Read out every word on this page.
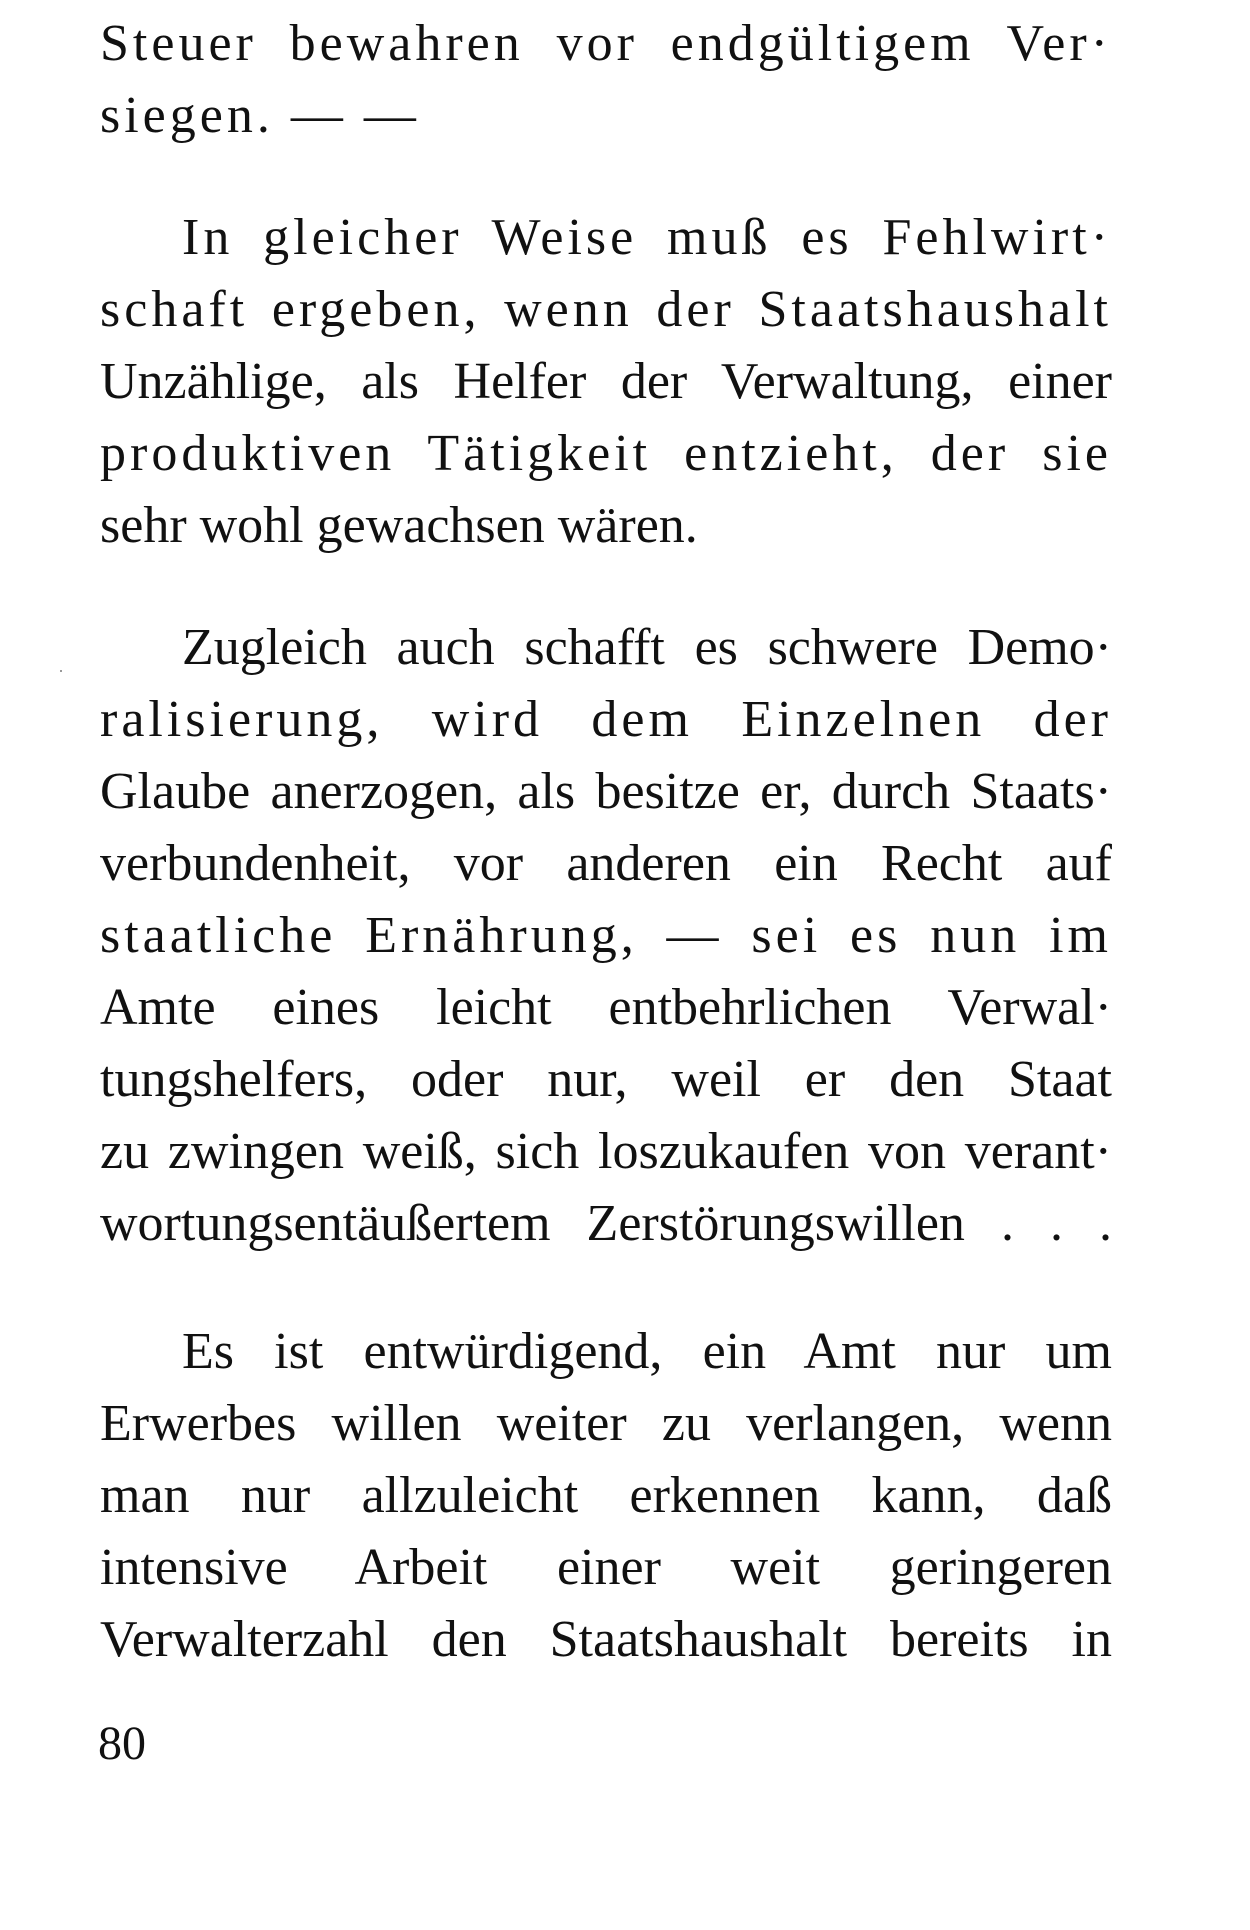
Steuer bewahren vor endgültigem Ver·
siegen. — —
In gleicher Weise muß es Fehlwirt·
schaft ergeben, wenn der Staatshaushalt
Unzählige, als Helfer der Verwaltung, einer
produktiven Tätigkeit entzieht, der sie
sehr wohl gewachsen wären.
Zugleich auch schafft es schwere Demo·
ralisierung, wird dem Einzelnen der
Glaube anerzogen, als besitze er, durch Staats·
verbundenheit, vor anderen ein Recht auf
staatliche Ernährung, — sei es nun im
Amte eines leicht entbehrlichen Verwal·
tungshelfers, oder nur, weil er den Staat
zu zwingen weiß, sich loszukaufen von verant·
wortungsentäußertem Zerstörungswillen . . .
Es ist entwürdigend, ein Amt nur um
Erwerbes willen weiter zu verlangen, wenn
man nur allzuleicht erkennen kann, daß
intensive Arbeit einer weit geringeren
Verwalterzahl den Staatshaushalt bereits in
80
